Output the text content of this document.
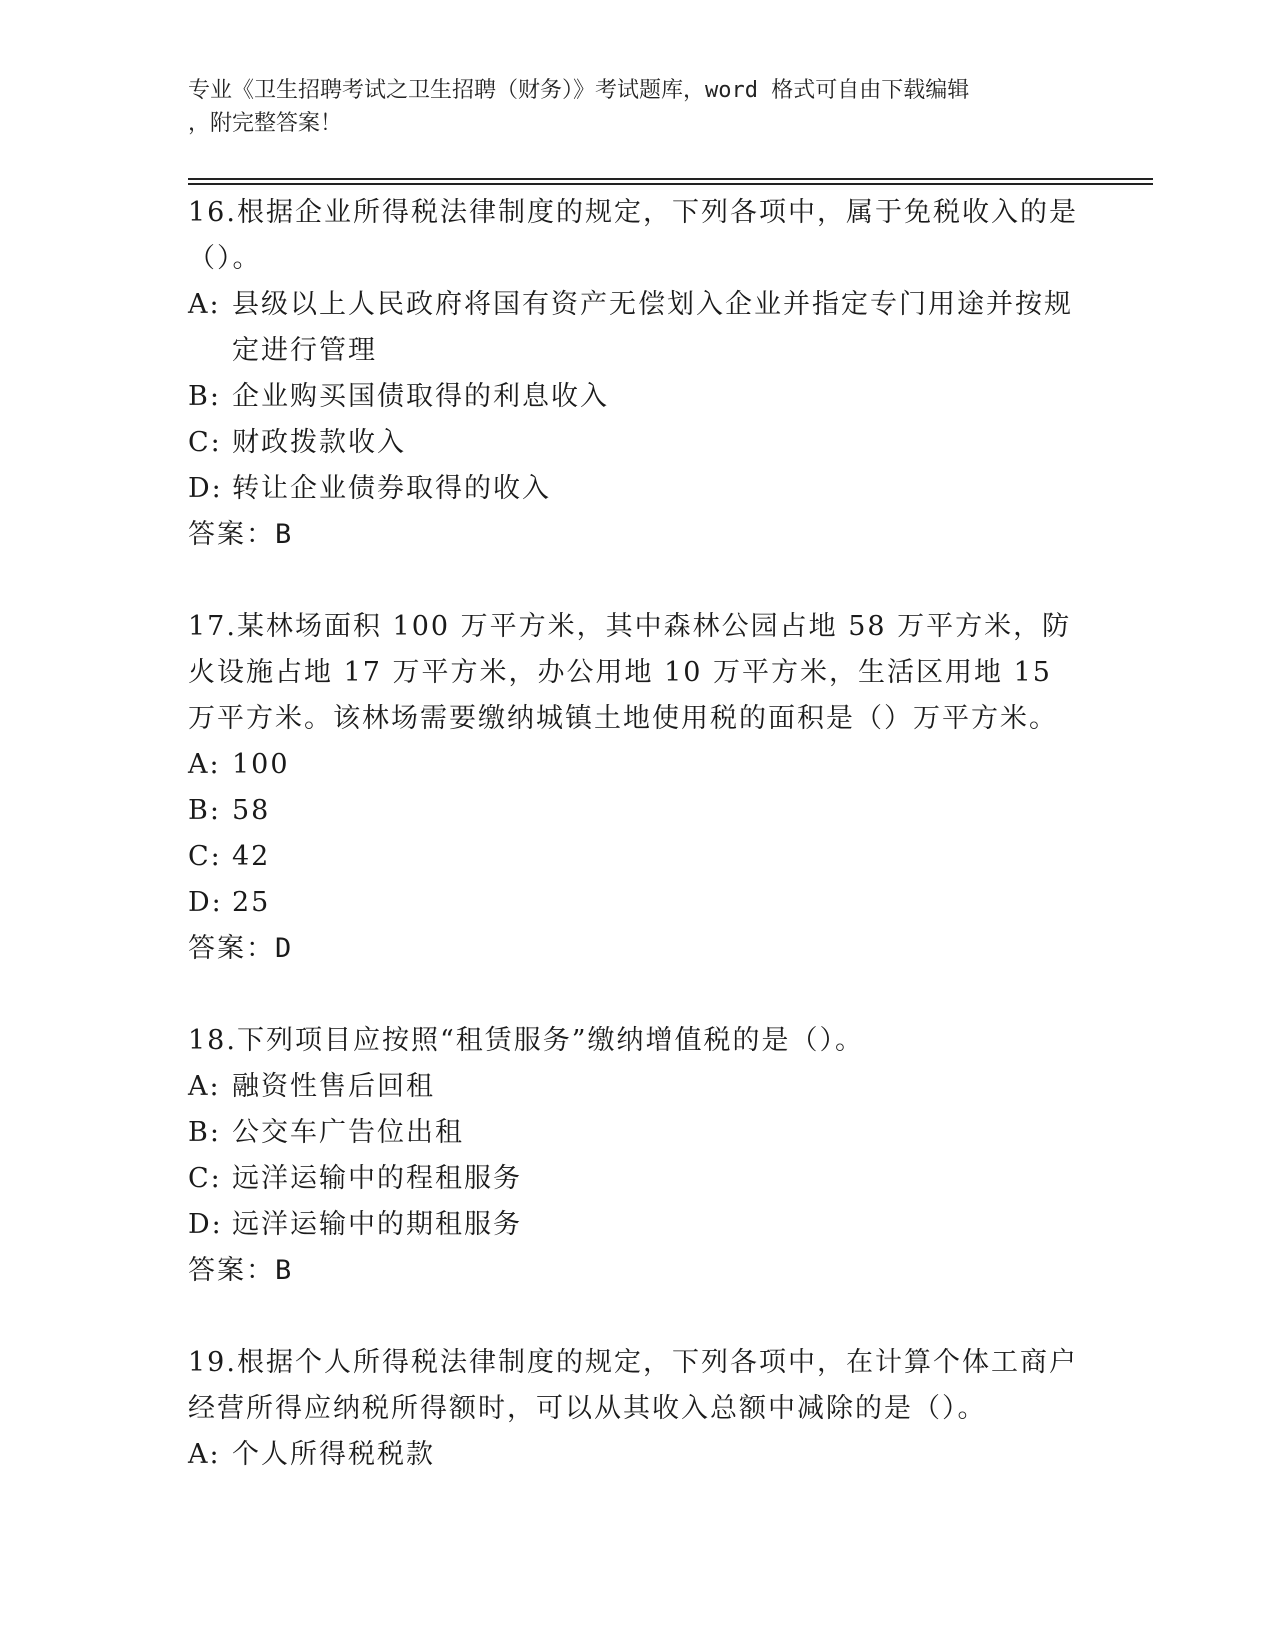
专业《卫生招聘考试之卫生招聘（财务）》考试题库，word 格式可自由下载编辑
，附完整答案！

16.根据企业所得税法律制度的规定，下列各项中，属于免税收入的是（）。

A: 县级以上人民政府将国有资产无偿划入企业并指定专门用途并按规定进行管理

B: 企业购买国债取得的利息收入

C: 财政拨款收入

D: 转让企业债券取得的收入

答案：B

17.某林场面积 100 万平方米，其中森林公园占地 58 万平方米，防火设施占地 17 万平方米，办公用地 10 万平方米，生活区用地 15 万平方米。该林场需要缴纳城镇土地使用税的面积是（）万平方米。

A: 100

B: 58

C: 42

D: 25

答案：D

18.下列项目应按照“租赁服务”缴纳增值税的是（）。

A: 融资性售后回租

B: 公交车广告位出租

C: 远洋运输中的程租服务

D: 远洋运输中的期租服务

答案：B

19.根据个人所得税法律制度的规定，下列各项中，在计算个体工商户经营所得应纳税所得额时，可以从其收入总额中减除的是（）。

A: 个人所得税税款
